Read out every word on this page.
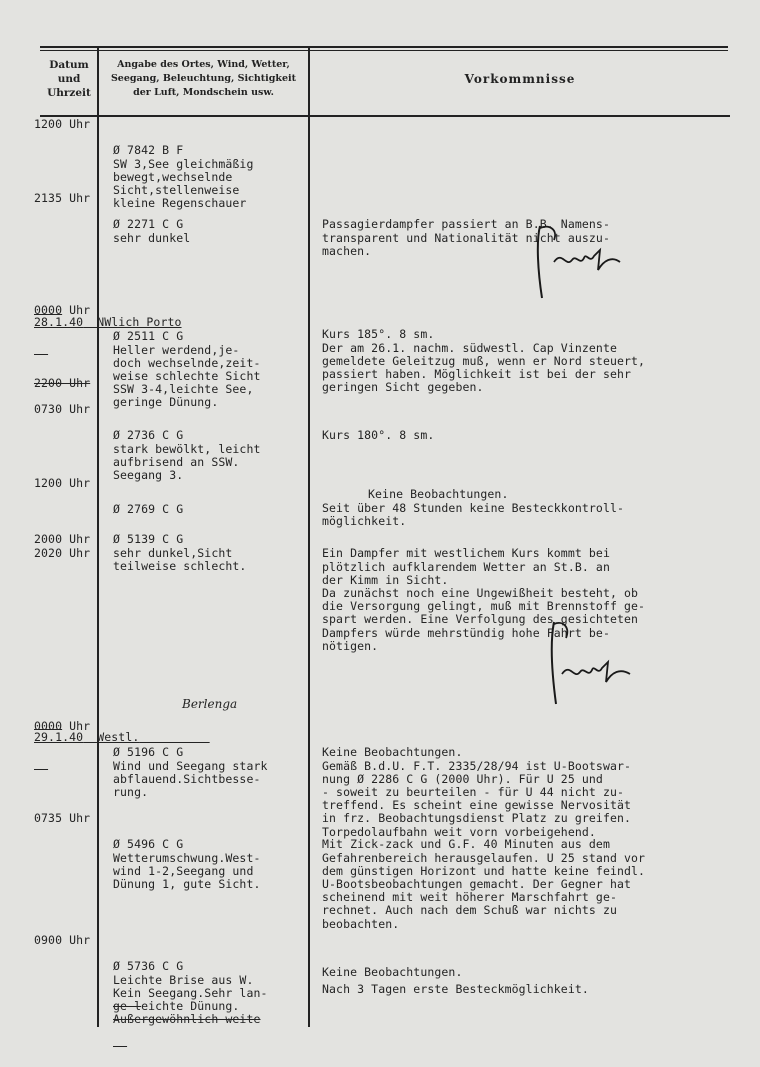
Datum
und
Uhrzeit
Angabe des Ortes, Wind, Wetter,
Seegang, Beleuchtung, Sichtigkeit
der Luft, Mondschein usw.
Vorkommnisse
1200 Uhr

Ø 7842 B F
SW 3,See gleichmäßig
bewegt,wechselnde
Sicht,stellenweise
kleine Regenschauer

2135 Uhr

Ø 2271 C G
sehr dunkel

Passagierdampfer passiert an B.B. Namens-
transparent und Nationalität nicht auszu-
machen.

28.1.40 NWlich Porto

0000 Uhr
2200 Uhr

Ø 2511 C G
Heller werdend,je-
doch wechselnde,zeit-
weise schlechte Sicht
SSW 3-4,leichte See,
geringe Dünung.

Kurs 185°. 8 sm.
Der am 26.1. nachm. südwestl. Cap Vinzente
gemeldete Geleitzug muß, wenn er Nord steuert,
passiert haben. Möglichkeit ist bei der sehr
geringen Sicht gegeben.

0730 Uhr

Ø 2736 C G
stark bewölkt, leicht
aufbrisend an SSW.
Seegang 3.

Kurs 180°. 8 sm.

1200 Uhr

Ø 2769 C G

Keine Beobachtungen.
Seit über 48 Stunden keine Besteckkontroll-
möglichkeit.

2000 Uhr
2020 Uhr

Ø 5139 C G
sehr dunkel,Sicht
teilweise schlecht.

Ein Dampfer mit westlichem Kurs kommt bei
plötzlich aufklarendem Wetter an St.B. an
der Kimm in Sicht.
Da zunächst noch eine Ungewißheit besteht, ob
die Versorgung gelingt, muß mit Brennstoff ge-
spart werden. Eine Verfolgung des gesichteten
Dampfers würde mehrstündig hohe Fahrt be-
nötigen.

29.1.40 Westl.

Berlenga
0000 Uhr

Ø 5196 C G
Wind und Seegang stark
abflauend.Sichtbesse-
rung.

Keine Beobachtungen.
Gemäß B.d.U. F.T. 2335/28/94 ist U-Bootswar-
nung Ø 2286 C G (2000 Uhr). Für U 25 und
- soweit zu beurteilen - für U 44 nicht zu-
treffend. Es scheint eine gewisse Nervosität
in frz. Beobachtungsdienst Platz zu greifen.
Torpedolaufbahn weit vorn vorbeigehend.

0735 Uhr

Ø 5496 C G
Wetterumschwung.West-
wind 1-2,Seegang und
Dünung 1, gute Sicht.

Mit Zick-zack und G.F. 40 Minuten aus dem
Gefahrenbereich herausgelaufen. U 25 stand vor
dem günstigen Horizont und hatte keine feindl.
U-Bootsbeobachtungen gemacht. Der Gegner hat
scheinend mit weit höherer Marschfahrt ge-
rechnet. Auch nach dem Schuß war nichts zu
beobachten.

0900 Uhr

Ø 5736 C G
Leichte Brise aus W.
Kein Seegang.Sehr lan-
ge leichte Dünung.

Außergewöhnlich weite

Keine Beobachtungen.
Nach 3 Tagen erste Besteckmöglichkeit.
